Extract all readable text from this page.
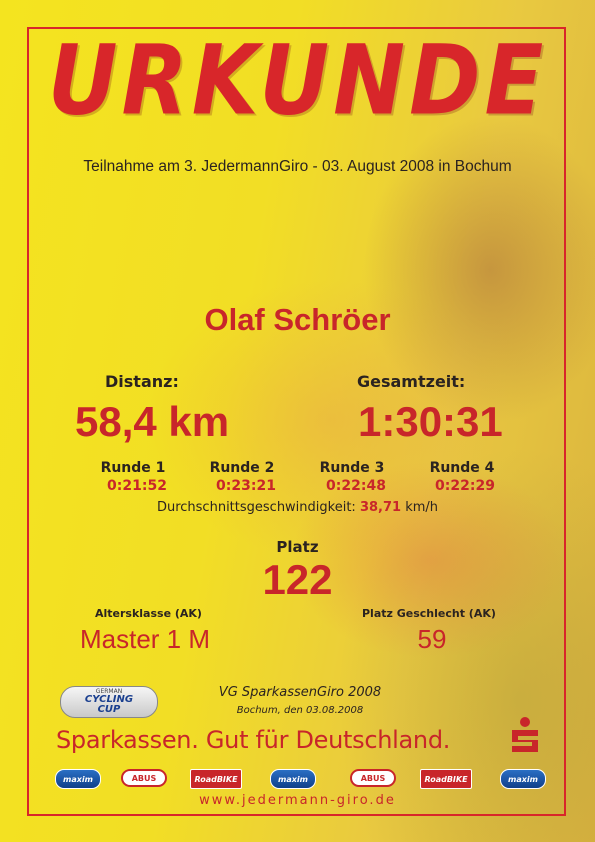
URKUNDE
Teilnahme am 3. JedermannGiro - 03. August 2008 in Bochum
Olaf Schröer
Distanz:
58,4 km
Gesamtzeit:
1:30:31
Runde 1
0:21:52
Runde 2
0:23:21
Runde 3
0:22:48
Runde 4
0:22:29
Durchschnittsgeschwindigkeit: 38,71 km/h
Platz
122
Altersklasse (AK)
Master 1 M
Platz Geschlecht (AK)
59
GERMAN
CYCLING
CUP
VG SparkassenGiro 2008
Bochum, den 03.08.2008
Sparkassen. Gut für Deutschland.
maxim	ABUS	RoadBIKE	maxim	ABUS	RoadBIKE	maxim
www.jedermann-giro.de
